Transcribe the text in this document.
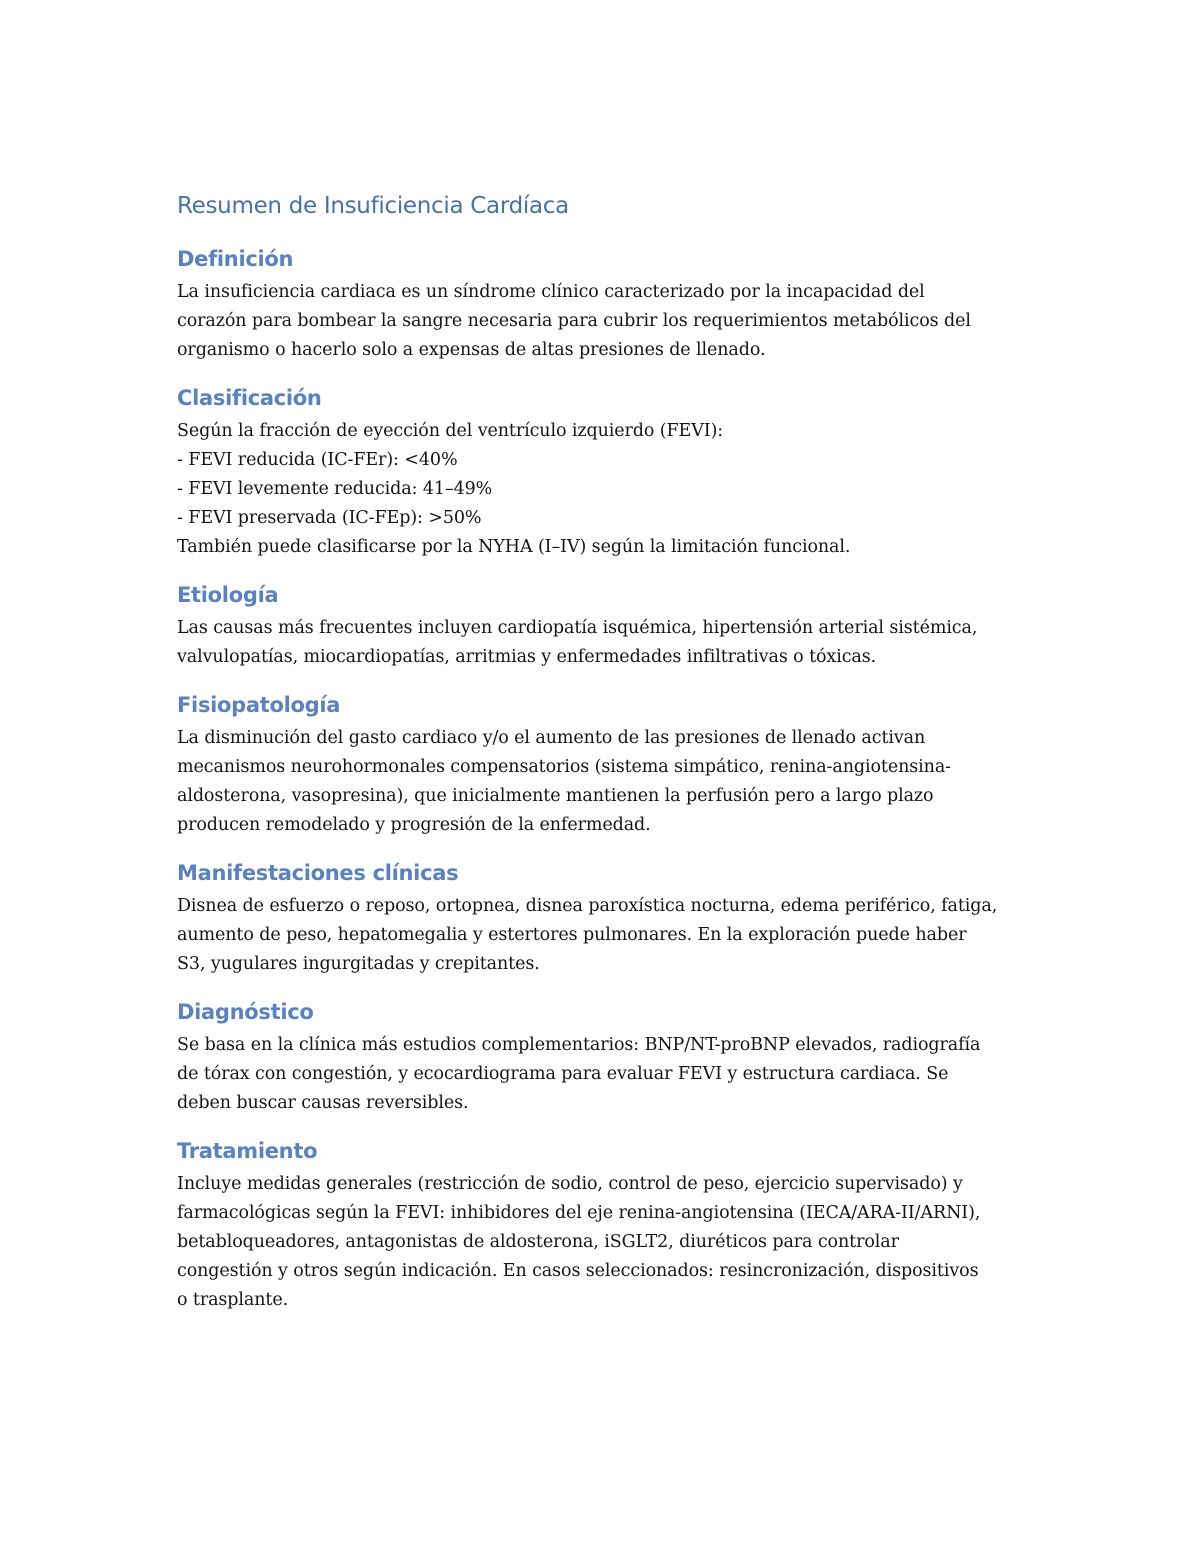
Resumen de Insuficiencia Cardíaca
Definición

La insuficiencia cardiaca es un síndrome clínico caracterizado por la incapacidad del
corazón para bombear la sangre necesaria para cubrir los requerimientos metabólicos del
organismo o hacerlo solo a expensas de altas presiones de llenado.

Clasificación

Según la fracción de eyección del ventrículo izquierdo (FEVI):
- FEVI reducida (IC-FEr): <40%
- FEVI levemente reducida: 41–49%
- FEVI preservada (IC-FEp): >50%
También puede clasificarse por la NYHA (I–IV) según la limitación funcional.

Etiología

Las causas más frecuentes incluyen cardiopatía isquémica, hipertensión arterial sistémica,
valvulopatías, miocardiopatías, arritmias y enfermedades infiltrativas o tóxicas.

Fisiopatología

La disminución del gasto cardiaco y/o el aumento de las presiones de llenado activan
mecanismos neurohormonales compensatorios (sistema simpático, renina-angiotensina-
aldosterona, vasopresina), que inicialmente mantienen la perfusión pero a largo plazo
producen remodelado y progresión de la enfermedad.

Manifestaciones clínicas

Disnea de esfuerzo o reposo, ortopnea, disnea paroxística nocturna, edema periférico, fatiga,
aumento de peso, hepatomegalia y estertores pulmonares. En la exploración puede haber
S3, yugulares ingurgitadas y crepitantes.

Diagnóstico

Se basa en la clínica más estudios complementarios: BNP/NT-proBNP elevados, radiografía
de tórax con congestión, y ecocardiograma para evaluar FEVI y estructura cardiaca. Se
deben buscar causas reversibles.

Tratamiento

Incluye medidas generales (restricción de sodio, control de peso, ejercicio supervisado) y
farmacológicas según la FEVI: inhibidores del eje renina-angiotensina (IECA/ARA-II/ARNI),
betabloqueadores, antagonistas de aldosterona, iSGLT2, diuréticos para controlar
congestión y otros según indicación. En casos seleccionados: resincronización, dispositivos
o trasplante.
